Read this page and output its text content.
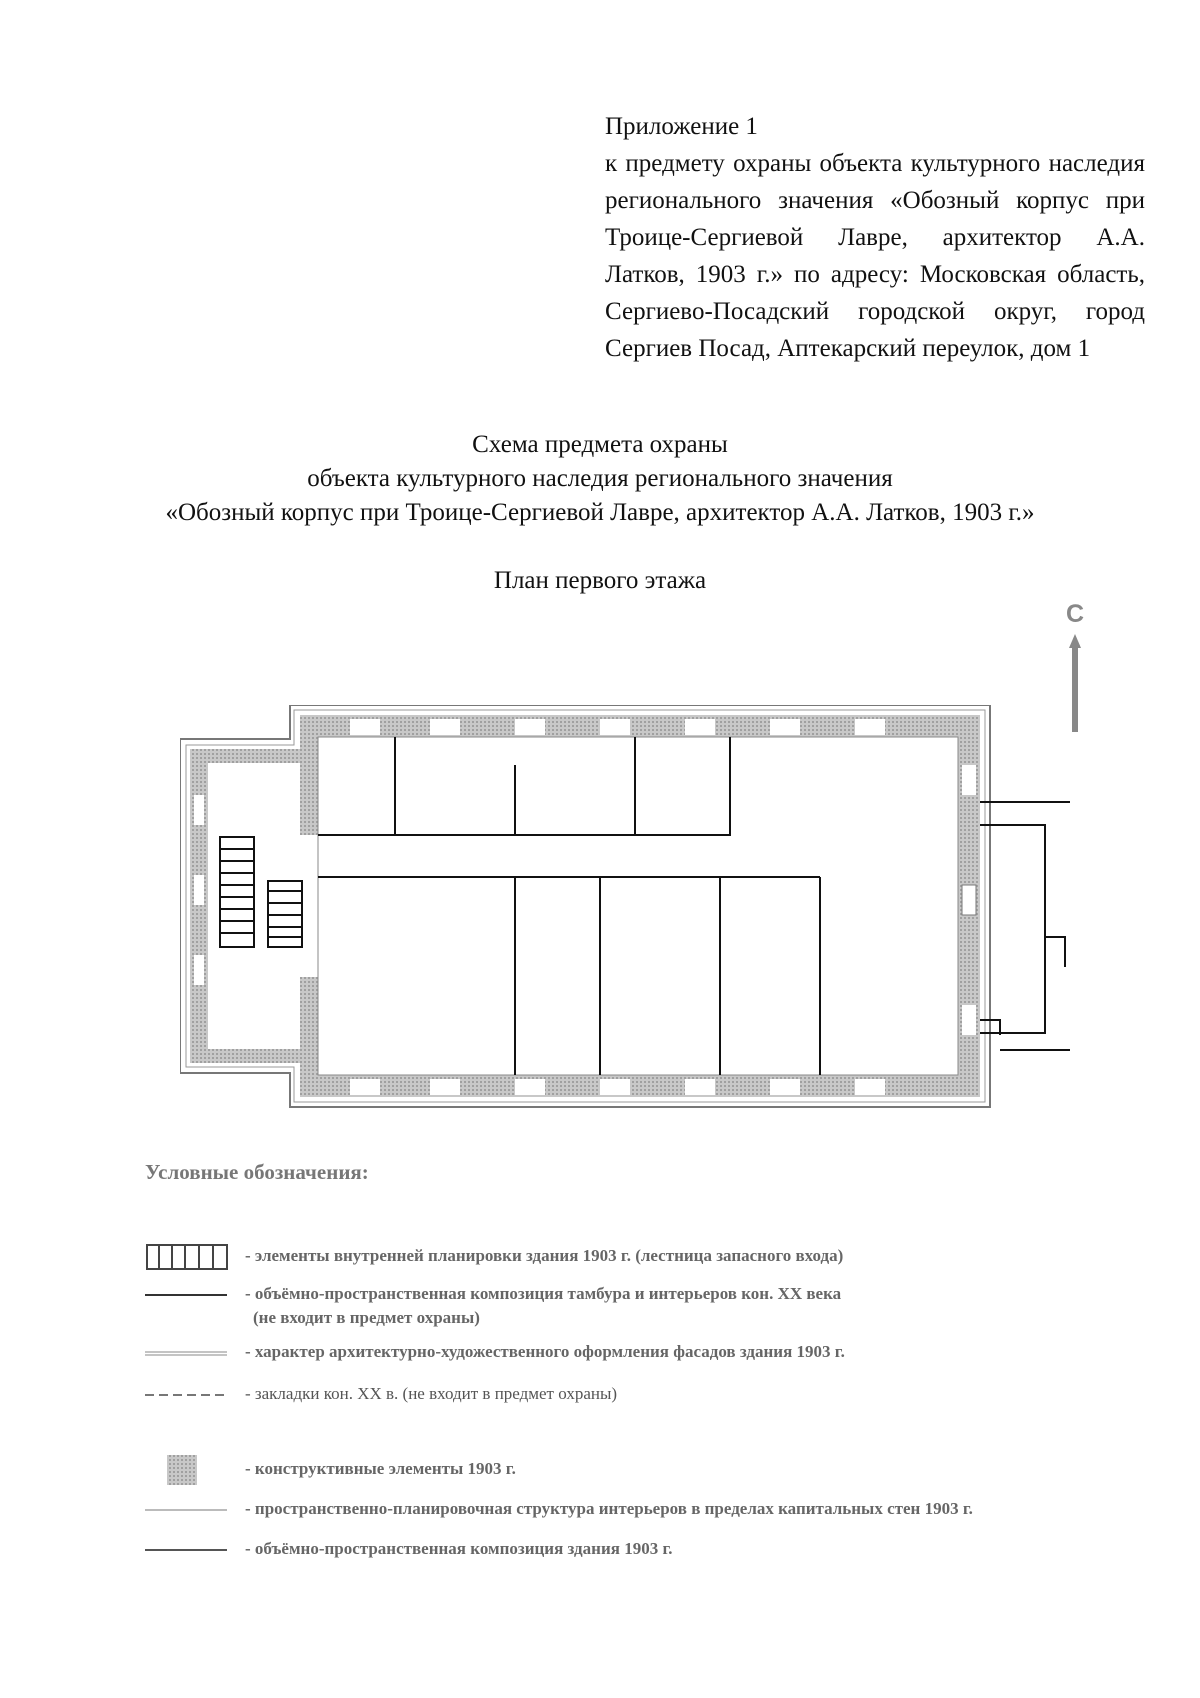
Приложение 1
к предмету охраны объекта культурного наследия регионального значения «Обозный корпус при Троице-Сергиевой Лавре, архитектор А.А. Латков, 1903 г.» по адресу: Московская область, Сергиево-Посадский городской округ, город Сергиев Посад, Аптекарский переулок, дом 1
Схема предмета охраны
объекта культурного наследия регионального значения
«Обозный корпус при Троице-Сергиевой Лавре, архитектор А.А. Латков, 1903 г.»
План первого этажа
С
Условные обозначения:
- элементы внутренней планировки здания 1903 г. (лестница запасного входа)
- объёмно-пространственная композиция тамбура и интерьеров кон. XX века
(не входит в предмет охраны)
- характер архитектурно-художественного оформления фасадов здания 1903 г.
- закладки кон. XX в. (не входит в предмет охраны)
- конструктивные элементы 1903 г.
- пространственно-планировочная структура интерьеров в пределах капитальных стен 1903 г.
- объёмно-пространственная композиция здания 1903 г.
